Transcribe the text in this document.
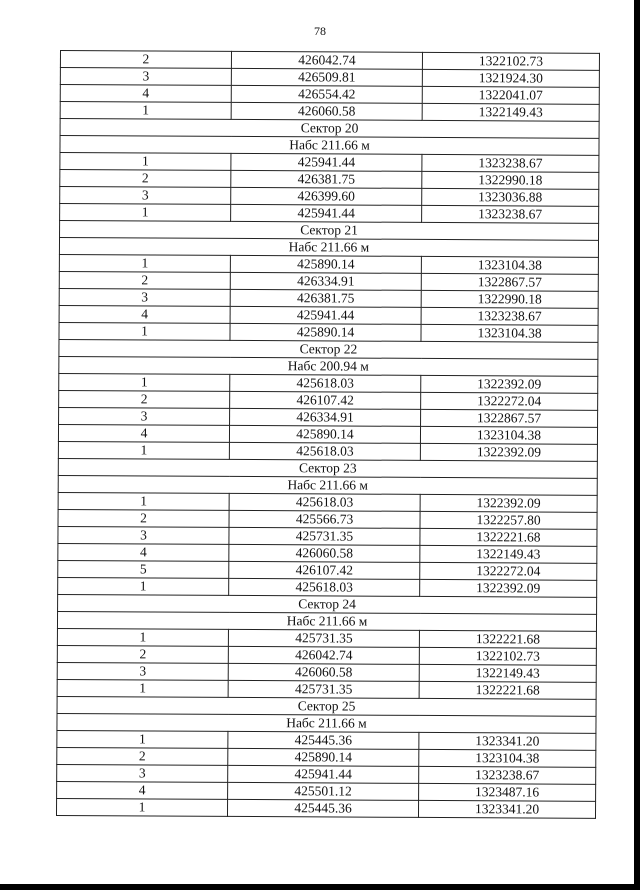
78
2	426042.74	1322102.73
3	426509.81	1321924.30
4	426554.42	1322041.07
1	426060.58	1322149.43
Сектор 20		
Набс 211.66 м		
1	425941.44	1323238.67
2	426381.75	1322990.18
3	426399.60	1323036.88
1	425941.44	1323238.67
Сектор 21		
Набс 211.66 м		
1	425890.14	1323104.38
2	426334.91	1322867.57
3	426381.75	1322990.18
4	425941.44	1323238.67
1	425890.14	1323104.38
Сектор 22		
Набс 200.94 м		
1	425618.03	1322392.09
2	426107.42	1322272.04
3	426334.91	1322867.57
4	425890.14	1323104.38
1	425618.03	1322392.09
Сектор 23		
Набс 211.66 м		
1	425618.03	1322392.09
2	425566.73	1322257.80
3	425731.35	1322221.68
4	426060.58	1322149.43
5	426107.42	1322272.04
1	425618.03	1322392.09
Сектор 24		
Набс 211.66 м		
1	425731.35	1322221.68
2	426042.74	1322102.73
3	426060.58	1322149.43
1	425731.35	1322221.68
Сектор 25		
Набс 211.66 м		
1	425445.36	1323341.20
2	425890.14	1323104.38
3	425941.44	1323238.67
4	425501.12	1323487.16
1	425445.36	1323341.20
